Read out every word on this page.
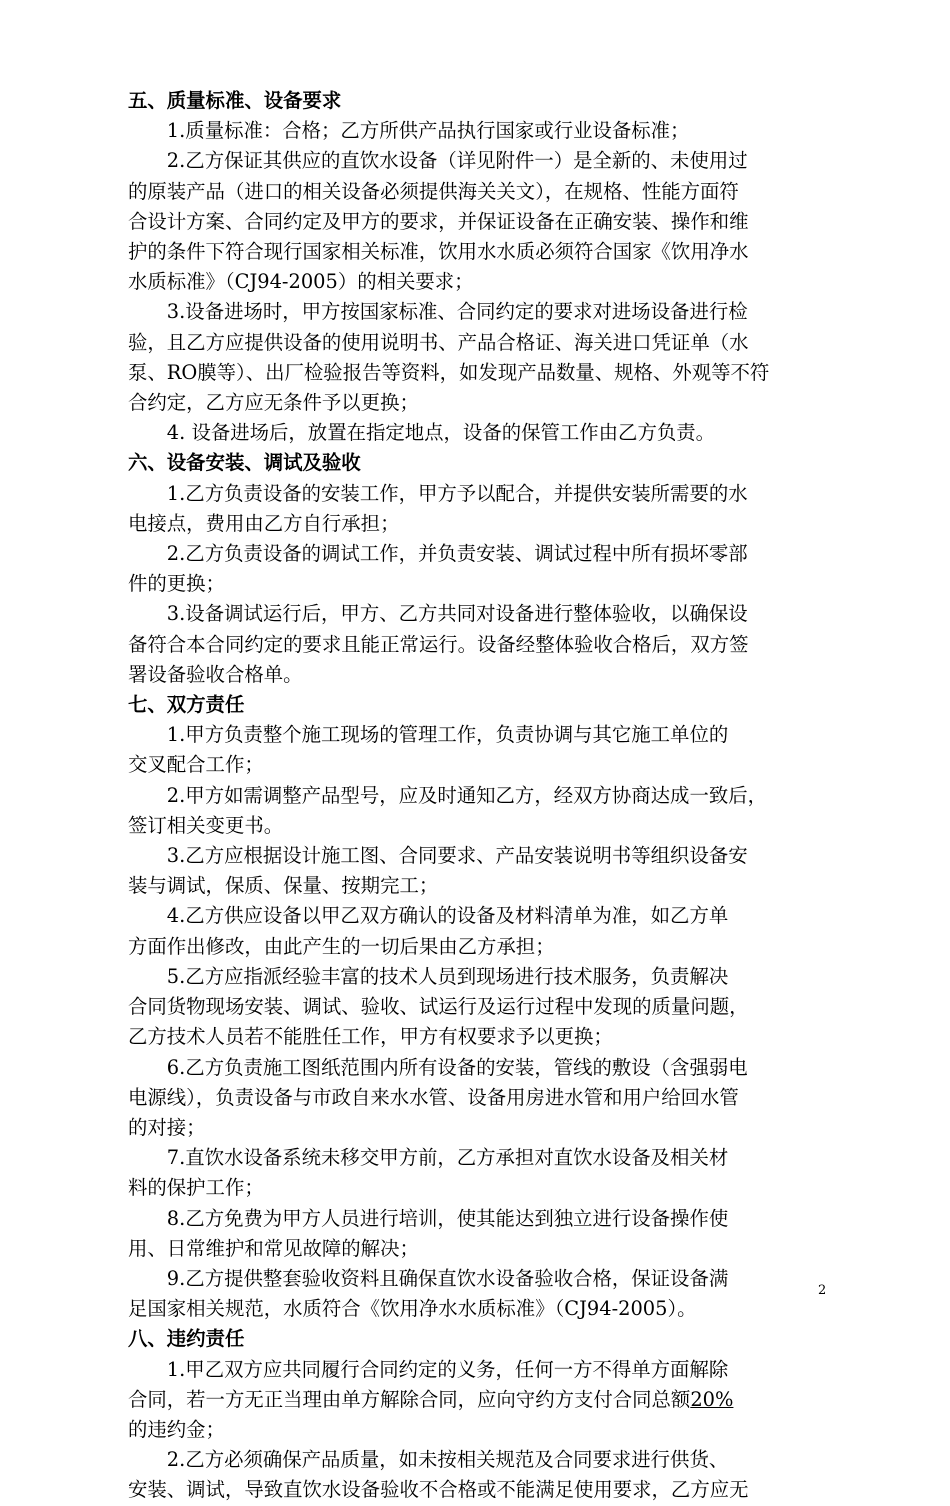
五、质量标准、设备要求
1.质量标准：合格；乙方所供产品执行国家或行业设备标准；
2.乙方保证其供应的直饮水设备（详见附件一）是全新的、未使用过
的原装产品（进口的相关设备必须提供海关关文），在规格、性能方面符
合设计方案、合同约定及甲方的要求，并保证设备在正确安装、操作和维
护的条件下符合现行国家相关标准，饮用水水质必须符合国家《饮用净水
水质标准》（CJ94-2005）的相关要求；
3.设备进场时，甲方按国家标准、合同约定的要求对进场设备进行检
验，且乙方应提供设备的使用说明书、产品合格证、海关进口凭证单（水
泵、RO膜等）、出厂检验报告等资料，如发现产品数量、规格、外观等不符
合约定，乙方应无条件予以更换；
4. 设备进场后，放置在指定地点，设备的保管工作由乙方负责。
六、设备安装、调试及验收
1.乙方负责设备的安装工作，甲方予以配合，并提供安装所需要的水
电接点，费用由乙方自行承担；
2.乙方负责设备的调试工作，并负责安装、调试过程中所有损坏零部
件的更换；
3.设备调试运行后，甲方、乙方共同对设备进行整体验收，以确保设
备符合本合同约定的要求且能正常运行。设备经整体验收合格后，双方签
署设备验收合格单。
七、双方责任
1.甲方负责整个施工现场的管理工作，负责协调与其它施工单位的
交叉配合工作；
2.甲方如需调整产品型号，应及时通知乙方，经双方协商达成一致后，
签订相关变更书。
3.乙方应根据设计施工图、合同要求、产品安装说明书等组织设备安
装与调试，保质、保量、按期完工；
4.乙方供应设备以甲乙双方确认的设备及材料清单为准，如乙方单
方面作出修改，由此产生的一切后果由乙方承担；
5.乙方应指派经验丰富的技术人员到现场进行技术服务，负责解决
合同货物现场安装、调试、验收、试运行及运行过程中发现的质量问题，
乙方技术人员若不能胜任工作，甲方有权要求予以更换；
6.乙方负责施工图纸范围内所有设备的安装，管线的敷设（含强弱电
电源线），负责设备与市政自来水水管、设备用房进水管和用户给回水管
的对接；
7.直饮水设备系统未移交甲方前，乙方承担对直饮水设备及相关材
料的保护工作；
8.乙方免费为甲方人员进行培训，使其能达到独立进行设备操作使
用、日常维护和常见故障的解决；
9.乙方提供整套验收资料且确保直饮水设备验收合格，保证设备满
足国家相关规范，水质符合《饮用净水水质标准》（CJ94-2005）。
八、违约责任
1.甲乙双方应共同履行合同约定的义务，任何一方不得单方面解除
合同，若一方无正当理由单方解除合同，应向守约方支付合同总额20%
的违约金；
2.乙方必须确保产品质量，如未按相关规范及合同要求进行供货、
安装、调试，导致直饮水设备验收不合格或不能满足使用要求，乙方应无
2
